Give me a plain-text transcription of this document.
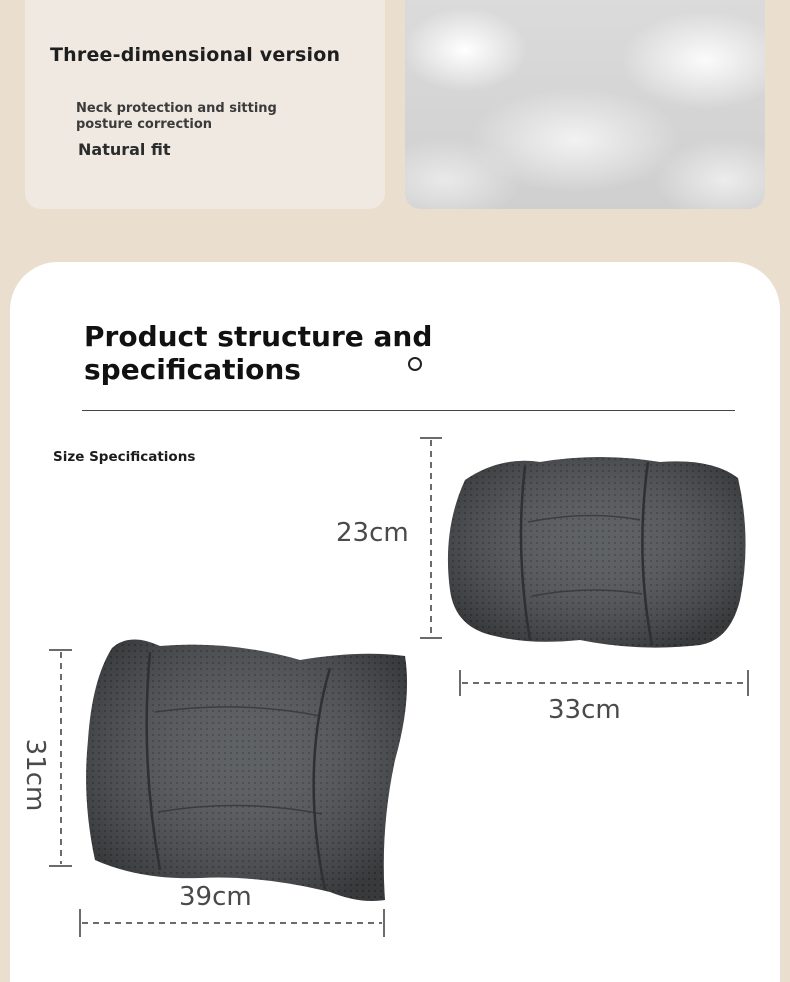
Three-dimensional version

Neck protection and sitting posture correction

Natural fit

Product structure and specifications

Size Specifications

23cm

33cm

39cm

31cm
